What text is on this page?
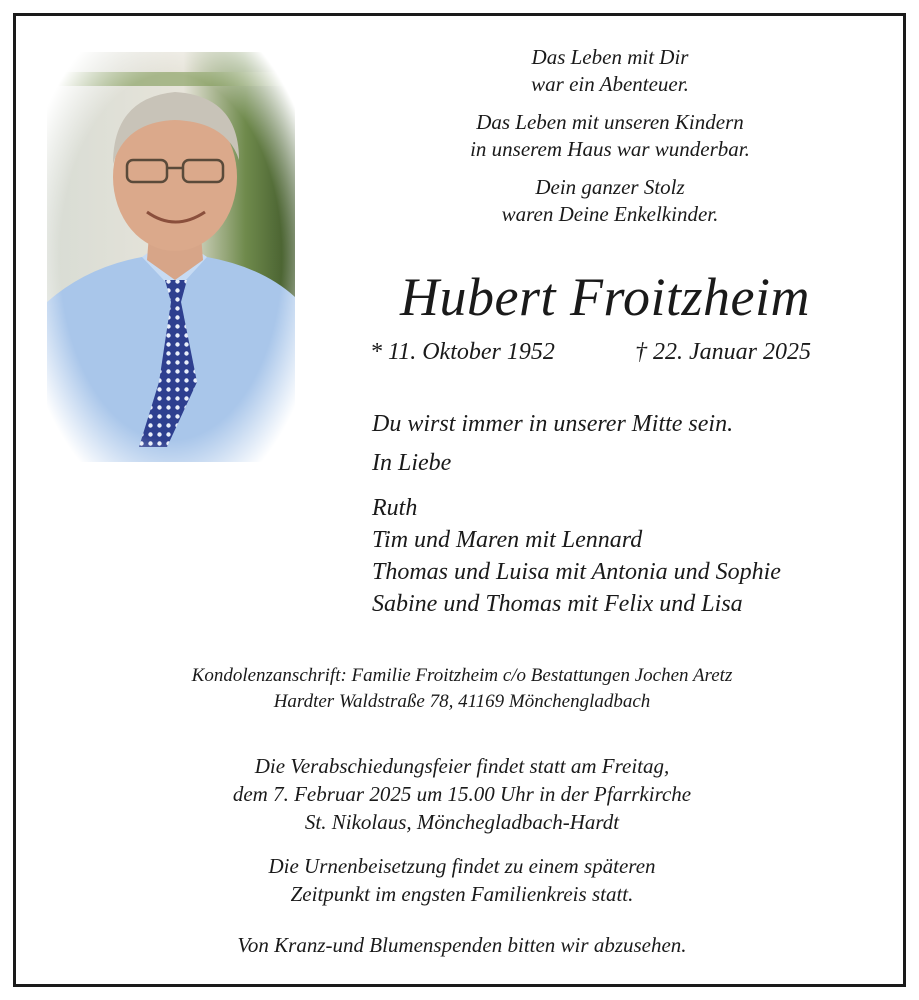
Das Leben mit Dir
war ein Abenteuer.

Das Leben mit unseren Kindern
in unserem Haus war wunderbar.

Dein ganzer Stolz
waren Deine Enkelkinder.

Hubert Froitzheim
* 11. Oktober 1952	† 22. Januar 2025
Du wirst immer in unserer Mitte sein.
In Liebe
Ruth
Tim und Maren mit Lennard
Thomas und Luisa mit Antonia und Sophie
Sabine und Thomas mit Felix und Lisa
Kondolenzanschrift: Familie Froitzheim c/o Bestattungen Jochen Aretz
Hardter Waldstraße 78, 41169 Mönchengladbach
Die Verabschiedungsfeier findet statt am Freitag,
dem 7. Februar 2025 um 15.00 Uhr in der Pfarrkirche
St. Nikolaus, Mönchegladbach-Hardt
Die Urnenbeisetzung findet zu einem späteren
Zeitpunkt im engsten Familienkreis statt.
Von Kranz-und Blumenspenden bitten wir abzusehen.
